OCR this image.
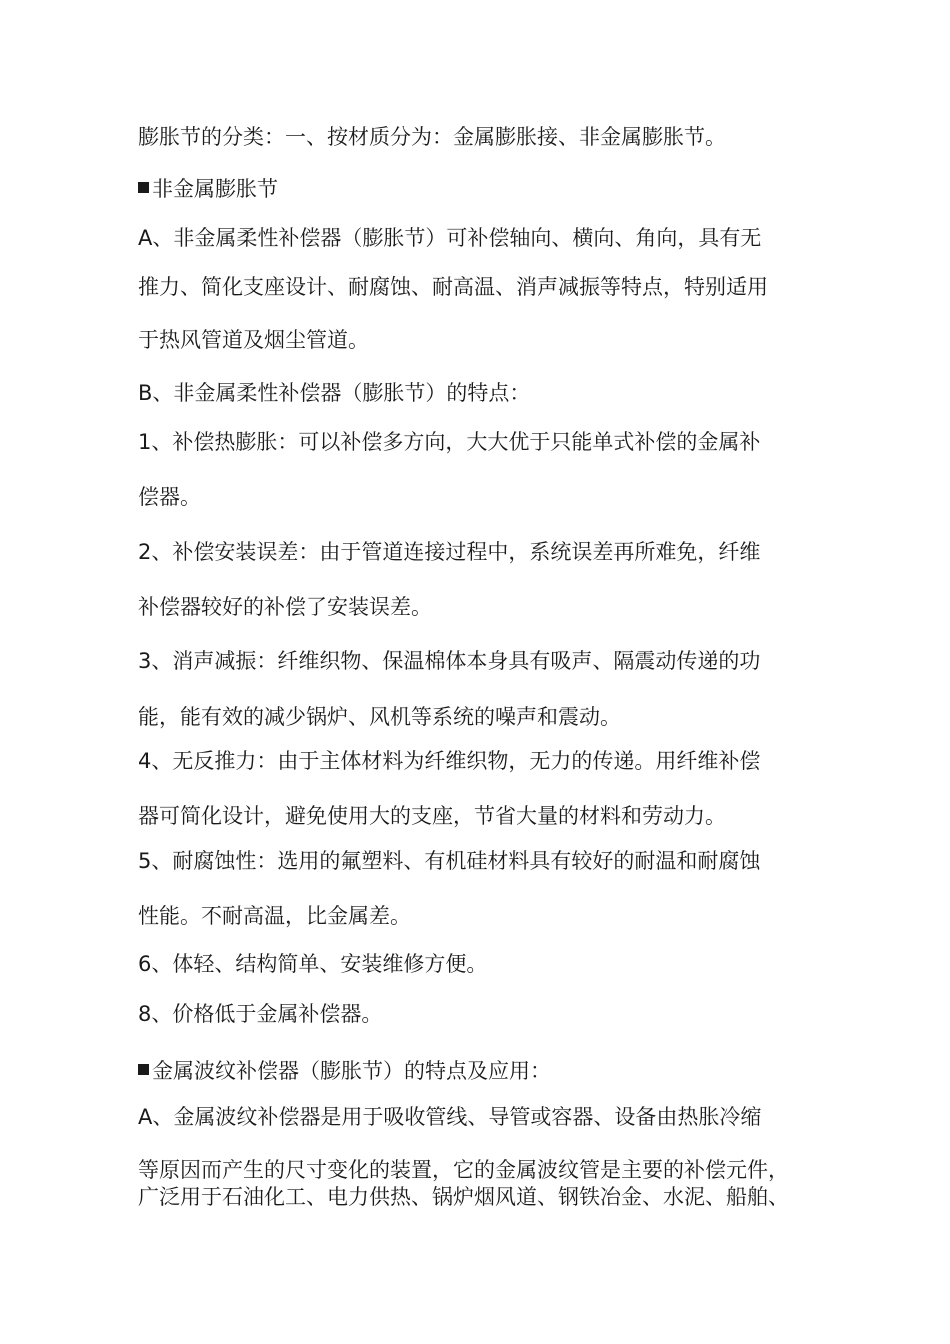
膨胀节的分类：一、按材质分为：金属膨胀接、非金属膨胀节。
非金属膨胀节
A、非金属柔性补偿器（膨胀节）可补偿轴向、横向、角向，具有无
推力、简化支座设计、耐腐蚀、耐高温、消声减振等特点，特别适用
于热风管道及烟尘管道。
B、非金属柔性补偿器（膨胀节）的特点：
1、补偿热膨胀：可以补偿多方向，大大优于只能单式补偿的金属补
偿器。
2、补偿安装误差：由于管道连接过程中，系统误差再所难免，纤维
补偿器较好的补偿了安装误差。
3、消声减振：纤维织物、保温棉体本身具有吸声、隔震动传递的功
能，能有效的减少锅炉、风机等系统的噪声和震动。
4、无反推力：由于主体材料为纤维织物，无力的传递。用纤维补偿
器可简化设计，避免使用大的支座，节省大量的材料和劳动力。
5、耐腐蚀性：选用的氟塑料、有机硅材料具有较好的耐温和耐腐蚀
性能。不耐高温，比金属差。
6、体轻、结构简单、安装维修方便。
8、价格低于金属补偿器。
金属波纹补偿器（膨胀节）的特点及应用：
A、金属波纹补偿器是用于吸收管线、导管或容器、设备由热胀冷缩
等原因而产生的尺寸变化的装置，它的金属波纹管是主要的补偿元件，
广泛用于石油化工、电力供热、锅炉烟风道、钢铁冶金、水泥、船舶、
